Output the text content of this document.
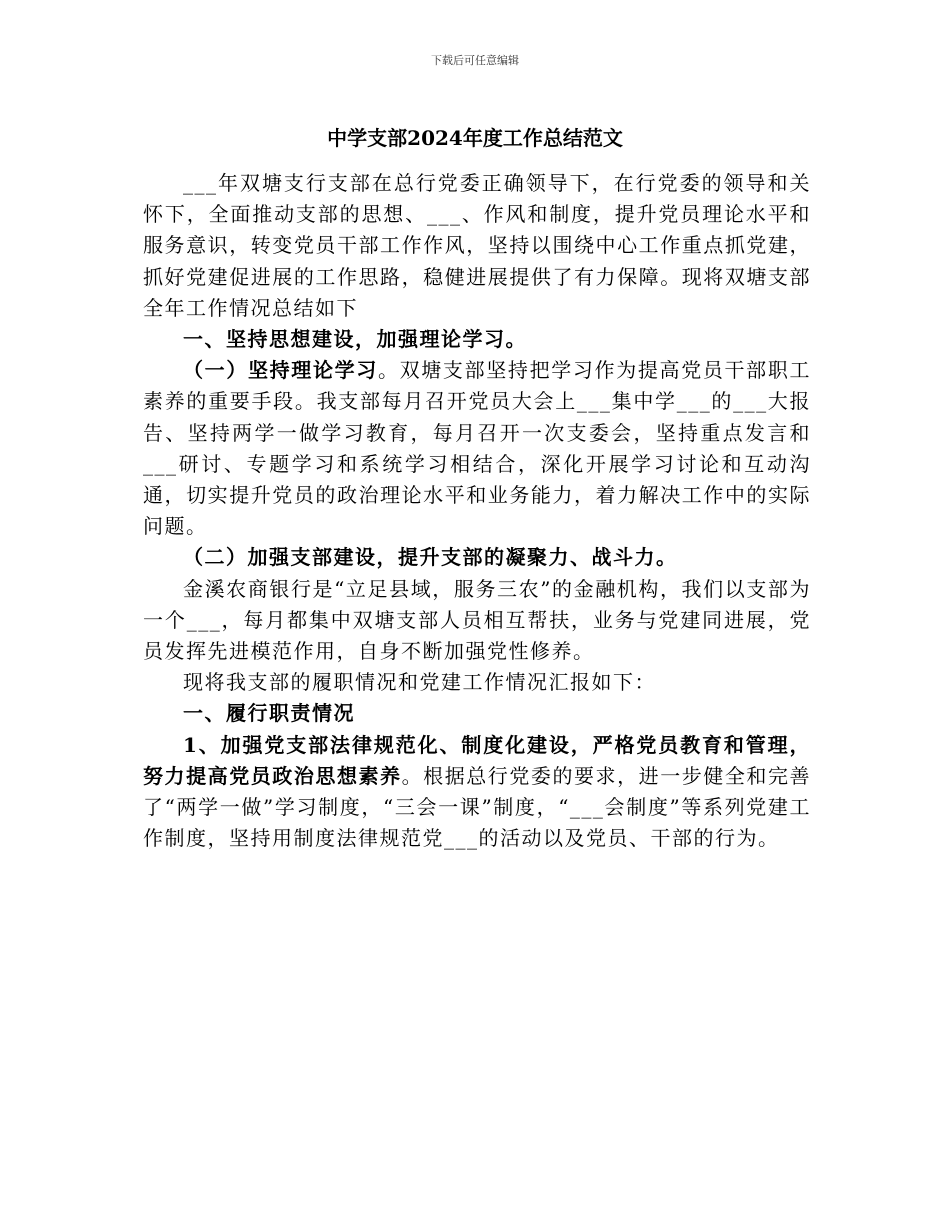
下载后可任意编辑
中学支部2024年度工作总结范文

___年双塘支行支部在总行党委正确领导下，在行党委的领导和关怀下，全面推动支部的思想、___、作风和制度，提升党员理论水平和服务意识，转变党员干部工作作风，坚持以围绕中心工作重点抓党建，抓好党建促进展的工作思路，稳健进展提供了有力保障。现将双塘支部全年工作情况总结如下

一、坚持思想建设，加强理论学习。

（一）坚持理论学习。双塘支部坚持把学习作为提高党员干部职工素养的重要手段。我支部每月召开党员大会上___集中学___的___大报告、坚持两学一做学习教育，每月召开一次支委会，坚持重点发言和___研讨、专题学习和系统学习相结合，深化开展学习讨论和互动沟通，切实提升党员的政治理论水平和业务能力，着力解决工作中的实际问题。

（二）加强支部建设，提升支部的凝聚力、战斗力。

金溪农商银行是“立足县域，服务三农”的金融机构，我们以支部为一个___，每月都集中双塘支部人员相互帮扶，业务与党建同进展，党员发挥先进模范作用，自身不断加强党性修养。

现将我支部的履职情况和党建工作情况汇报如下：

一、履行职责情况

1、加强党支部法律规范化、制度化建设，严格党员教育和管理，努力提高党员政治思想素养。根据总行党委的要求，进一步健全和完善了“两学一做”学习制度，“三会一课”制度，“___会制度”等系列党建工作制度，坚持用制度法律规范党___的活动以及党员、干部的行为。
